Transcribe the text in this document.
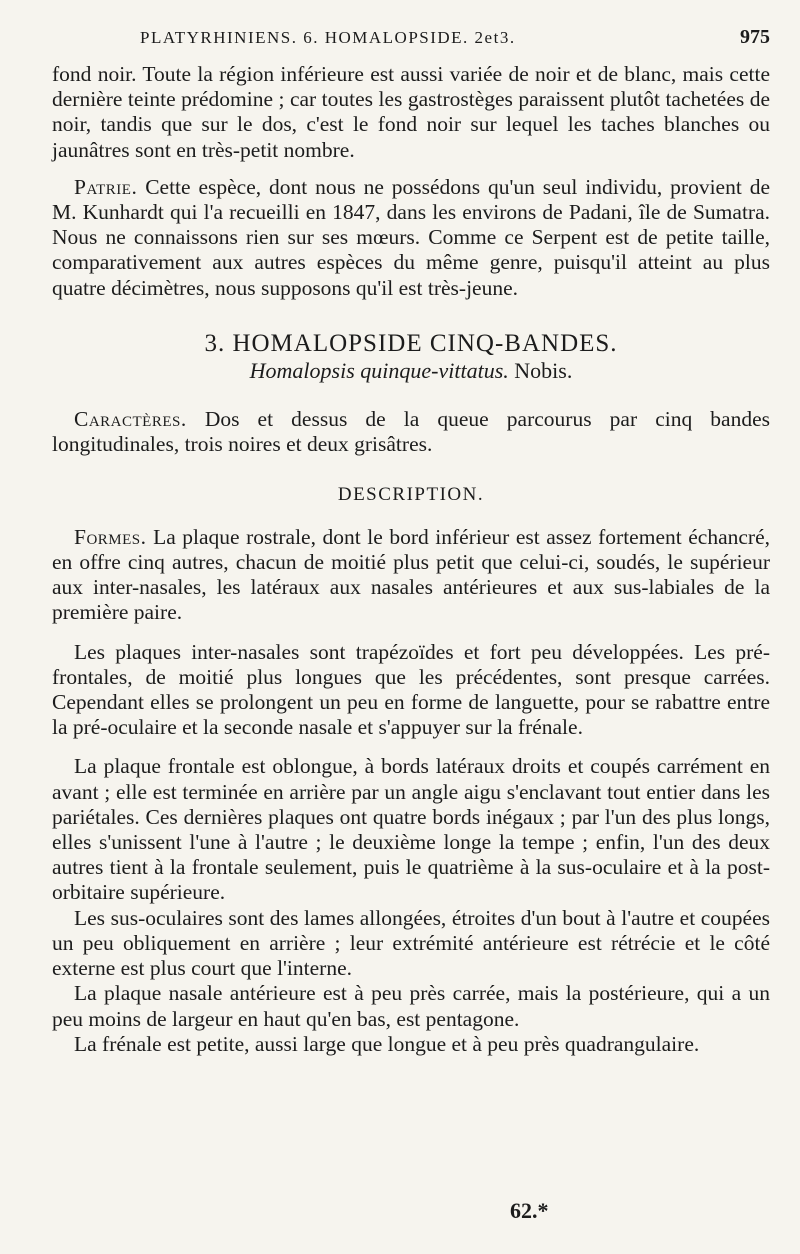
PLATYRHINIENS. 6. HOMALOPSIDE. 2et3.	975

fond noir. Toute la région inférieure est aussi variée de noir et de blanc, mais cette dernière teinte prédomine ; car toutes les gastrostèges paraissent plutôt tachetées de noir, tandis que sur le dos, c'est le fond noir sur lequel les taches blanches ou jaunâtres sont en très-petit nombre.

Patrie. Cette espèce, dont nous ne possédons qu'un seul individu, provient de M. Kunhardt qui l'a recueilli en 1847, dans les environs de Padani, île de Sumatra. Nous ne connaissons rien sur ses mœurs. Comme ce Serpent est de petite taille, comparativement aux autres espèces du même genre, puisqu'il atteint au plus quatre décimètres, nous supposons qu'il est très-jeune.

3. HOMALOPSIDE CINQ-BANDES.
Homalopsis quinque-vittatus. Nobis.

Caractères. Dos et dessus de la queue parcourus par cinq bandes longitudinales, trois noires et deux grisâtres.

DESCRIPTION.

Formes. La plaque rostrale, dont le bord inférieur est assez fortement échancré, en offre cinq autres, chacun de moitié plus petit que celui-ci, soudés, le supérieur aux inter-nasales, les latéraux aux nasales antérieures et aux sus-labiales de la première paire.

Les plaques inter-nasales sont trapézoïdes et fort peu développées. Les pré-frontales, de moitié plus longues que les précédentes, sont presque carrées. Cependant elles se prolongent un peu en forme de languette, pour se rabattre entre la pré-oculaire et la seconde nasale et s'appuyer sur la frénale.

La plaque frontale est oblongue, à bords latéraux droits et coupés carrément en avant ; elle est terminée en arrière par un angle aigu s'enclavant tout entier dans les pariétales. Ces dernières plaques ont quatre bords inégaux ; par l'un des plus longs, elles s'unissent l'une à l'autre ; le deuxième longe la tempe ; enfin, l'un des deux autres tient à la frontale seulement, puis le quatrième à la sus-oculaire et à la post-orbitaire supérieure.

Les sus-oculaires sont des lames allongées, étroites d'un bout à l'autre et coupées un peu obliquement en arrière ; leur extrémité antérieure est rétrécie et le côté externe est plus court que l'interne.

La plaque nasale antérieure est à peu près carrée, mais la postérieure, qui a un peu moins de largeur en haut qu'en bas, est pentagone.

La frénale est petite, aussi large que longue et à peu près quadrangulaire.

62.*
